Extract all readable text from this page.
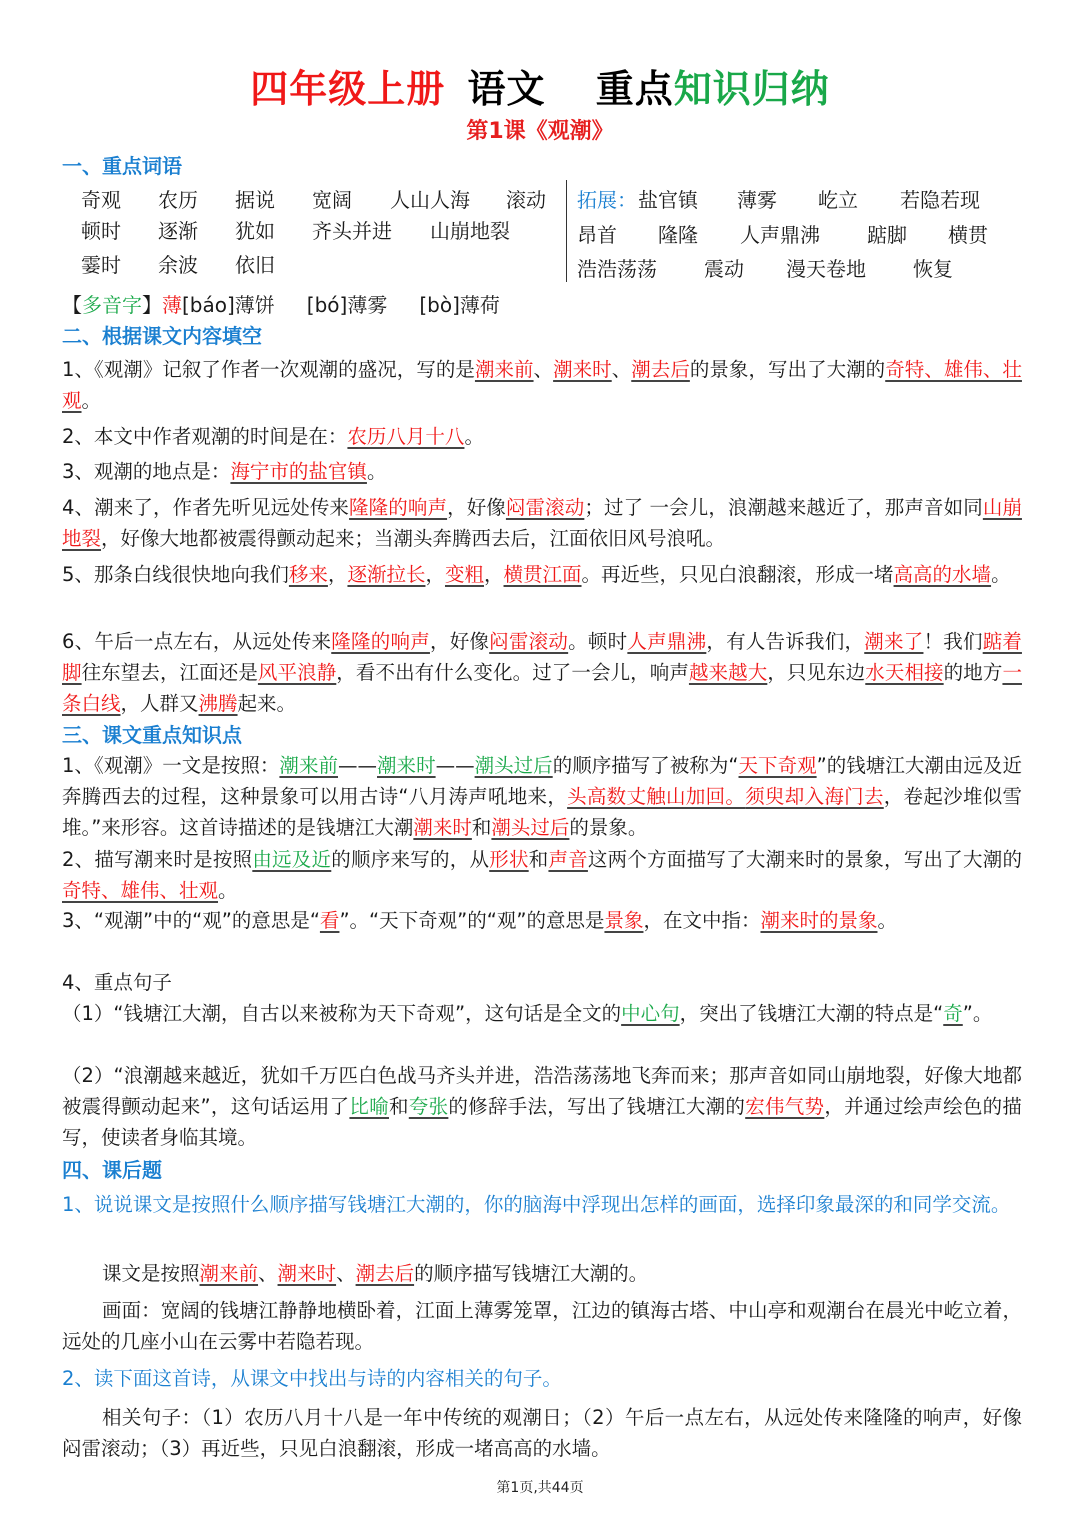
四年级上册 语文 重点知识归纳
第1课《观潮》
一、重点词语
奇观 农历 据说 宽阔 人山人海 滚动
顿时 逐渐 犹如 齐头并进 山崩地裂
霎时 余波 依旧
拓展： 盐官镇 薄雾 屹立 若隐若现
昂首 隆隆 人声鼎沸 踮脚 横贯
浩浩荡荡 震动 漫天卷地 恢复
【多音字】薄[báo]薄饼 [bó]薄雾 [bò]薄荷
二、根据课文内容填空
1、《观潮》记叙了作者一次观潮的盛况，写的是潮来前、潮来时、潮去后的景象，写出了大潮的奇特、雄伟、壮观。
2、本文中作者观潮的时间是在：农历八月十八。
3、观潮的地点是：海宁市的盐官镇。
4、潮来了，作者先听见远处传来隆隆的响声，好像闷雷滚动；过了 一会儿，浪潮越来越近了，那声音如同山崩地裂，好像大地都被震得颤动起来；当潮头奔腾西去后，江面依旧风号浪吼。
5、那条白线很快地向我们移来，逐渐拉长，变粗，横贯江面。再近些，只见白浪翻滚，形成一堵高高的水墙。
6、午后一点左右，从远处传来隆隆的响声，好像闷雷滚动。顿时人声鼎沸，有人告诉我们，潮来了！我们踮着脚往东望去，江面还是风平浪静，看不出有什么变化。过了一会儿，响声越来越大，只见东边水天相接的地方一条白线，人群又沸腾起来。
三、课文重点知识点
1、《观潮》一文是按照：潮来前——潮来时——潮头过后的顺序描写了被称为“天下奇观”的钱塘江大潮由远及近奔腾西去的过程，这种景象可以用古诗“八月涛声吼地来，头高数丈触山加回。须臾却入海门去，卷起沙堆似雪堆。”来形容。这首诗描述的是钱塘江大潮潮来时和潮头过后的景象。
2、描写潮来时是按照由远及近的顺序来写的，从形状和声音这两个方面描写了大潮来时的景象，写出了大潮的奇特、雄伟、壮观。
3、“观潮”中的“观”的意思是“看”。“天下奇观”的“观”的意思是景象，在文中指：潮来时的景象。
4、重点句子
（1）“钱塘江大潮，自古以来被称为天下奇观”，这句话是全文的中心句，突出了钱塘江大潮的特点是“奇”。
（2）“浪潮越来越近，犹如千万匹白色战马齐头并进，浩浩荡荡地飞奔而来；那声音如同山崩地裂，好像大地都被震得颤动起来”，这句话运用了比喻和夸张的修辞手法，写出了钱塘江大潮的宏伟气势，并通过绘声绘色的描写，使读者身临其境。
四、课后题
1、说说课文是按照什么顺序描写钱塘江大潮的，你的脑海中浮现出怎样的画面，选择印象最深的和同学交流。
课文是按照潮来前、潮来时、潮去后的顺序描写钱塘江大潮的。
画面：宽阔的钱塘江静静地横卧着，江面上薄雾笼罩，江边的镇海古塔、中山亭和观潮台在晨光中屹立着，远处的几座小山在云雾中若隐若现。
2、读下面这首诗，从课文中找出与诗的内容相关的句子。
相关句子：（1）农历八月十八是一年中传统的观潮日；（2）午后一点左右，从远处传来隆隆的响声，好像闷雷滚动；（3）再近些，只见白浪翻滚，形成一堵高高的水墙。
第1页,共44页
